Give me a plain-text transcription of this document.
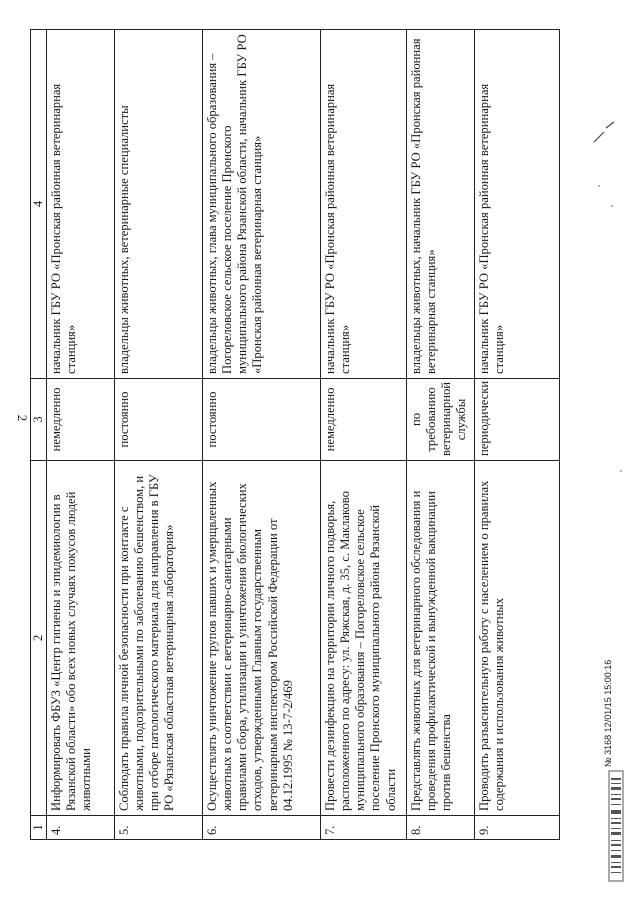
2
1	2	3	4
4.	Информировать ФБУЗ «Центр гигиены и эпидемиологии в Рязанской области» обо всех новых случаях покусов людей животными	немедленно	начальник ГБУ РО «Пронская районная ветеринарная станция»
5.	Соблюдать правила личной безопасности при контакте с животными, подозрительными по заболеванию бешенством, и при отборе патологического материала для направления в ГБУ РО «Рязанская областная ветеринарная лаборатория»	постоянно	владельцы животных, ветеринарные специалисты
6.	Осуществлять уничтожение трупов павших и умерщвленных животных в соответствии с ветеринарно-санитарными правилами сбора, утилизации и уничтожения биологических отходов, утвержденными Главным государственным ветеринарным инспектором Российской Федерации от 04.12.1995 № 13-7-2/469	постоянно	владельцы животных, глава муниципального образования – Погореловское сельское поселение Пронского муниципального района Рязанской области, начальник ГБУ РО «Пронская районная ветеринарная станция»
7.	Провести дезинфекцию на территории личного подворья, расположенного по адресу: ул. Ряжская, д. 35, с. Маклаково муниципального образования – Погореловское сельское поселение Пронского муниципального района Рязанской области	немедленно	начальник ГБУ РО «Пронская районная ветеринарная станция»
8.	Представлять животных для ветеринарного обследования и проведения профилактической и вынужденной вакцинации против бешенства	по требованию ветеринарной службы	владельцы животных, начальник ГБУ РО «Пронская районная ветеринарная станция»
9.	Проводить разъяснительную работу с населением о правилах содержания и использования животных	периодически	начальник ГБУ РО «Пронская районная ветеринарная станция»
№ 3168 12/01/15 15:00:16
